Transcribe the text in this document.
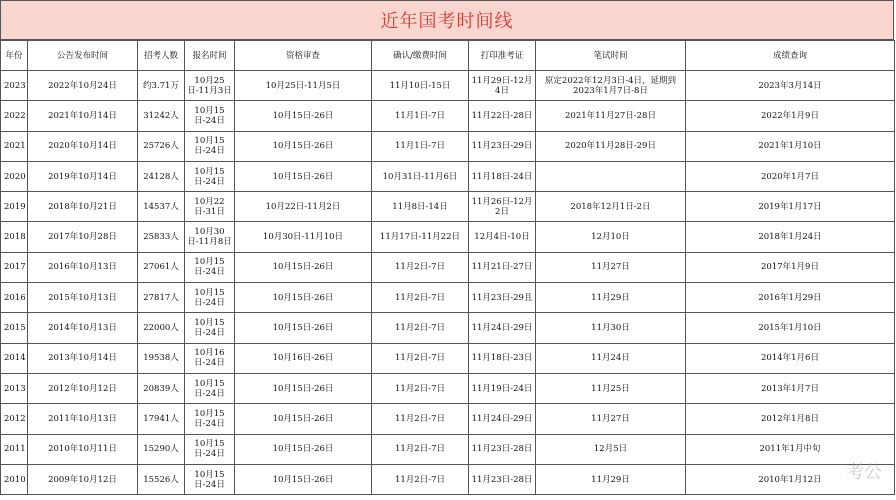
近年国考时间线
年份	公告发布时间	招考人数	报名时间	资格审查	确认/缴费时间	打印准考证	笔试时间	成绩查询
2023	2022年10月24日	约3.71万	10月25日-11月3日	10月25日-11月5日	11月10日-15日	11月29日-12月4日	原定2022年12月3日-4日，延期到2023年1月7日-8日	2023年3月14日
2022	2021年10月14日	31242人	10月15日-24日	10月15日-26日	11月1日-7日	11月22日-28日	2021年11月27日-28日	2022年1月9日
2021	2020年10月14日	25726人	10月15日-24日	10月15日-26日	11月1日-7日	11月23日-29日	2020年11月28日-29日	2021年1月10日
2020	2019年10月14日	24128人	10月15日-24日	10月15日-26日	10月31日-11月6日	11月18日-24日		2020年1月7日
2019	2018年10月21日	14537人	10月22日-31日	10月22日-11月2日	11月8日-14日	11月26日-12月2日	2018年12月1日-2日	2019年1月17日
2018	2017年10月28日	25833人	10月30日-11月8日	10月30日-11月10日	11月17日-11月22日	12月4日-10日	12月10日	2018年1月24日
2017	2016年10月13日	27061人	10月15日-24日	10月15日-26日	11月2日-7日	11月21日-27日	11月27日	2017年1月9日
2016	2015年10月13日	27817人	10月15日-24日	10月15日-26日	11月2日-7日	11月23日-29且	11月29日	2016年1月29日
2015	2014年10月13日	22000人	10月15日-24日	10月15日-26日	11月2日-7日	11月24日-29日	11月30日	2015年1月10日
2014	2013年10月14日	19538人	10月16日-24日	10月16日-26日	11月2日-7日	11月18日-23日	11月24日	2014年1月6日
2013	2012年10月12日	20839人	10月15日-24日	10月15日-26日	11月2日-7日	11月19日-24日	11月25日	2013年1月7日
2012	2011年10月13日	17941人	10月15日-24日	10月15日-26日	11月2日-7日	11月24日-29日	11月27日	2012年1月8日
2011	2010年10月11日	15290人	10月15日-24日	10月15日-26日	11月2日-7日	11月23日-28日	12月5日	2011年1月中旬
2010	2009年10月12日	15526人	10月15日-24日	10月15日-26日	11月2日-7日	11月23日-28日	11月29日	2010年1月12日 考公
